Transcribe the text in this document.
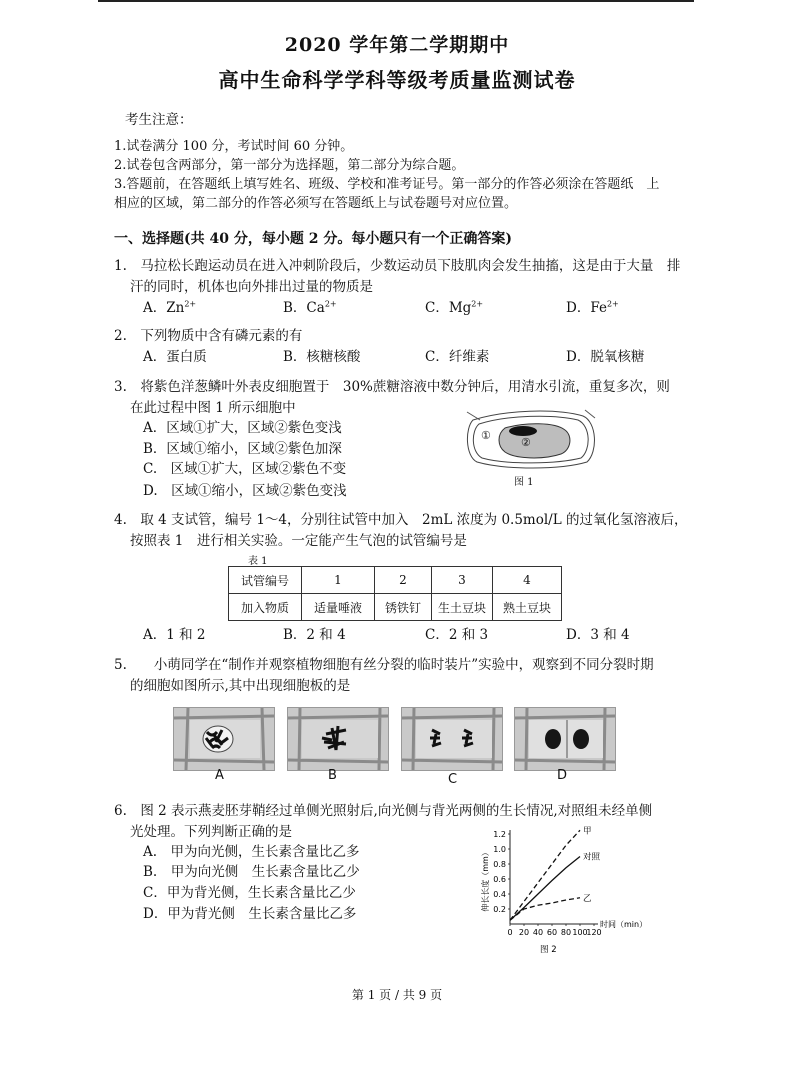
2020 学年第二学期期中
高中生命科学学科等级考质量监测试卷
考生注意：
1.试卷满分 100 分，考试时间 60 分钟。
2.试卷包含两部分，第一部分为选择题，第二部分为综合题。
3.答题前，在答题纸上填写姓名、班级、学校和准考证号。第一部分的作答必须涂在答题纸　上
相应的区域，第二部分的作答必须写在答题纸上与试卷题号对应位置。
一、选择题(共 40 分，每小题 2 分。每小题只有一个正确答案)
1.　马拉松长跑运动员在进入冲刺阶段后，少数运动员下肢肌肉会发生抽搐，这是由于大量　排
汗的同时，机体也向外排出过量的物质是
A．$Zn^{2+}$	B．$Ca^{2+}$	C．$Mg^{2+}$	D．$Fe^{2+}$
2.　下列物质中含有磷元素的有
A．蛋白质	B．核糖核酸	C．纤维素	D．脱氧核糖
3.　将紫色洋葱鳞叶外表皮细胞置于　30%蔗糖溶液中数分钟后，用清水引流，重复多次，则
在此过程中图 1 所示细胞中
A．区域①扩大，区域②紫色变浅
B．区域①缩小，区域②紫色加深
C.　区域①扩大，区域②紫色不变
D.　区域①缩小，区域②紫色变浅
①
②
图 1
4.　取 4 支试管，编号 1～4，分别往试管中加入　2mL 浓度为 0.5mol/L 的过氧化氢溶液后，
按照表 1　进行相关实验。一定能产生气泡的试管编号是
表 1
试管编号	1	2	3	4
加入物质	适量唾液	锈铁钉	生土豆块	熟土豆块
A．1 和 2	B．2 和 4	C．2 和 3	D．3 和 4
5.　　小萌同学在“制作并观察植物细胞有丝分裂的临时装片”实验中，观察到不同分裂时期
的细胞如图所示,其中出现细胞板的是
A	B	C	D
6.　图 2 表示燕麦胚芽鞘经过单侧光照射后,向光侧与背光两侧的生长情况,对照组未经单侧
光处理。下列判断正确的是
A.　甲为向光侧，生长素含量比乙多
B.　甲为向光侧　生长素含量比乙少
C．甲为背光侧，生长素含量比乙少
D．甲为背光侧　生长素含量比乙多
0 20 40 60 80 100
120
0.2
0.4
0.6
0.8
1.0
1.2
时间（min）
伸长长度（mm）
甲
对照
乙
图 2
第 1 页 / 共 9 页
